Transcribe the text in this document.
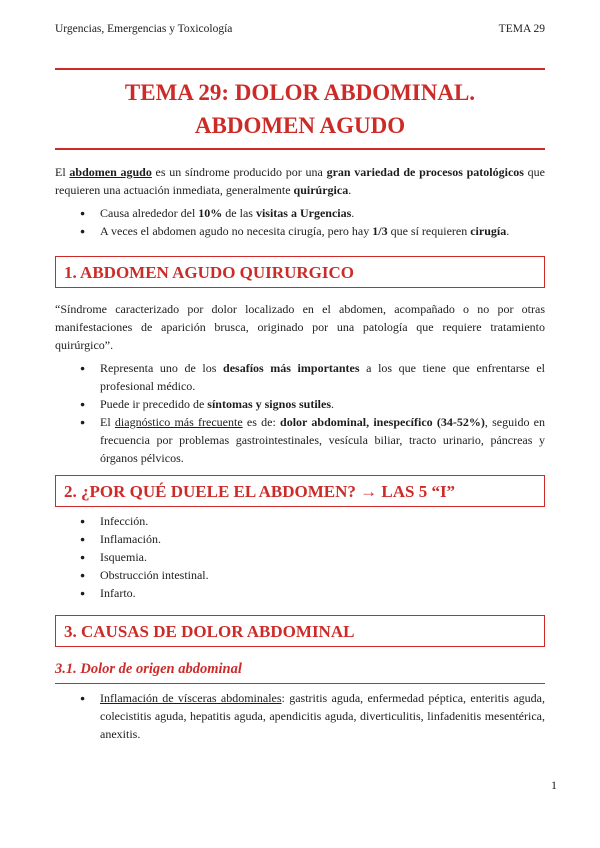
Urgencias, Emergencias y Toxicología	TEMA 29
TEMA 29: DOLOR ABDOMINAL.
ABDOMEN AGUDO

El abdomen agudo es un síndrome producido por una gran variedad de procesos patológicos que requieren una actuación inmediata, generalmente quirúrgica.

● Causa alrededor del 10% de las visitas a Urgencias.
● A veces el abdomen agudo no necesita cirugía, pero hay 1/3 que sí requieren cirugía.
1. ABDOMEN AGUDO QUIRURGICO

“Síndrome caracterizado por dolor localizado en el abdomen, acompañado o no por otras manifestaciones de aparición brusca, originado por una patología que requiere tratamiento quirúrgico”.

● Representa uno de los desafíos más importantes a los que tiene que enfrentarse el profesional médico.
● Puede ir precedido de síntomas y signos sutiles.
● El diagnóstico más frecuente es de: dolor abdominal, inespecífico (34-52%), seguido en frecuencia por problemas gastrointestinales, vesícula biliar, tracto urinario, páncreas y órganos pélvicos.
2. ¿POR QUÉ DUELE EL ABDOMEN? → LAS 5 “I”
● Infección.
● Inflamación.
● Isquemia.
● Obstrucción intestinal.
● Infarto.
3. CAUSAS DE DOLOR ABDOMINAL
3.1. Dolor de origen abdominal
● Inflamación de vísceras abdominales: gastritis aguda, enfermedad péptica, enteritis aguda, colecistitis aguda, hepatitis aguda, apendicitis aguda, diverticulitis, linfadenitis mesentérica, anexitis.
1
